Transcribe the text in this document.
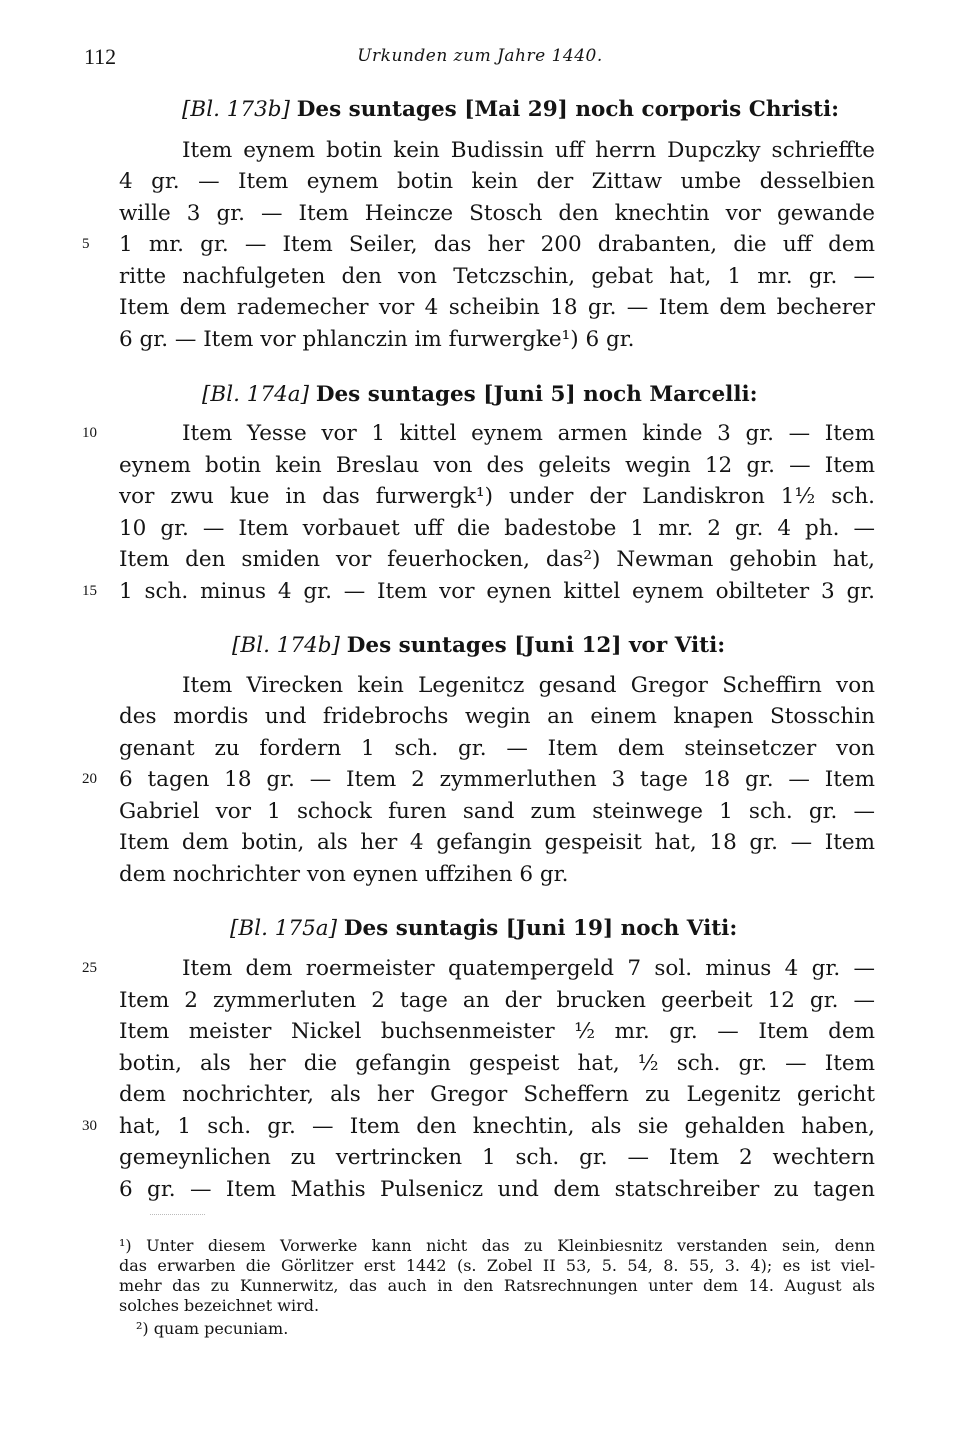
112	Urkunden zum Jahre 1440.
[Bl. 173b] Des suntages [Mai 29] noch corporis Christi:
Item eynem botin kein Budissin uff herrn Dupczky schrieffte
4 gr. — Item eynem botin kein der Zittaw umbe desselbien
wille 3 gr. — Item Heincze Stosch den knechtin vor gewande
1 mr. gr. — Item Seiler, das her 200 drabanten, die uff dem
ritte nachfulgeten den von Tetczschin, gebat hat, 1 mr. gr. —
Item dem rademecher vor 4 scheibin 18 gr. — Item dem becherer
6 gr. — Item vor phlanczin im furwergke¹) 6 gr.
[Bl. 174a] Des suntages [Juni 5] noch Marcelli:
Item Yesse vor 1 kittel eynem armen kinde 3 gr. — Item
eynem botin kein Breslau von des geleits wegin 12 gr. — Item
vor zwu kue in das furwergk¹) under der Landiskron 1½ sch.
10 gr. — Item vorbauet uff die badestobe 1 mr. 2 gr. 4 ph. —
Item den smiden vor feuerhocken, das²) Newman gehobin hat,
1 sch. minus 4 gr. — Item vor eynen kittel eynem obilteter 3 gr.
[Bl. 174b] Des suntages [Juni 12] vor Viti:
Item Virecken kein Legenitcz gesand Gregor Scheffirn von
des mordis und fridebrochs wegin an einem knapen Stosschin
genant zu fordern 1 sch. gr. — Item dem steinsetczer von
6 tagen 18 gr. — Item 2 zymmerluthen 3 tage 18 gr. — Item
Gabriel vor 1 schock furen sand zum steinwege 1 sch. gr. —
Item dem botin, als her 4 gefangin gespeisit hat, 18 gr. — Item
dem nochrichter von eynen uffzihen 6 gr.
[Bl. 175a] Des suntagis [Juni 19] noch Viti:
Item dem roermeister quatempergeld 7 sol. minus 4 gr. —
Item 2 zymmerluten 2 tage an der brucken geerbeit 12 gr. —
Item meister Nickel buchsenmeister ½ mr. gr. — Item dem
botin, als her die gefangin gespeist hat, ½ sch. gr. — Item
dem nochrichter, als her Gregor Scheffern zu Legenitz gericht
hat, 1 sch. gr. — Item den knechtin, als sie gehalden haben,
gemeynlichen zu vertrincken 1 sch. gr. — Item 2 wechtern
6 gr. — Item Mathis Pulsenicz und dem statschreiber zu tagen
5
10
15
20
25
30
¹) Unter diesem Vorwerke kann nicht das zu Kleinbiesnitz verstanden sein, denn
das erwarben die Görlitzer erst 1442 (s. Zobel II 53, 5. 54, 8. 55, 3. 4); es ist viel-
mehr das zu Kunnerwitz, das auch in den Ratsrechnungen unter dem 14. August als
solches bezeichnet wird.
²) quam pecuniam.
